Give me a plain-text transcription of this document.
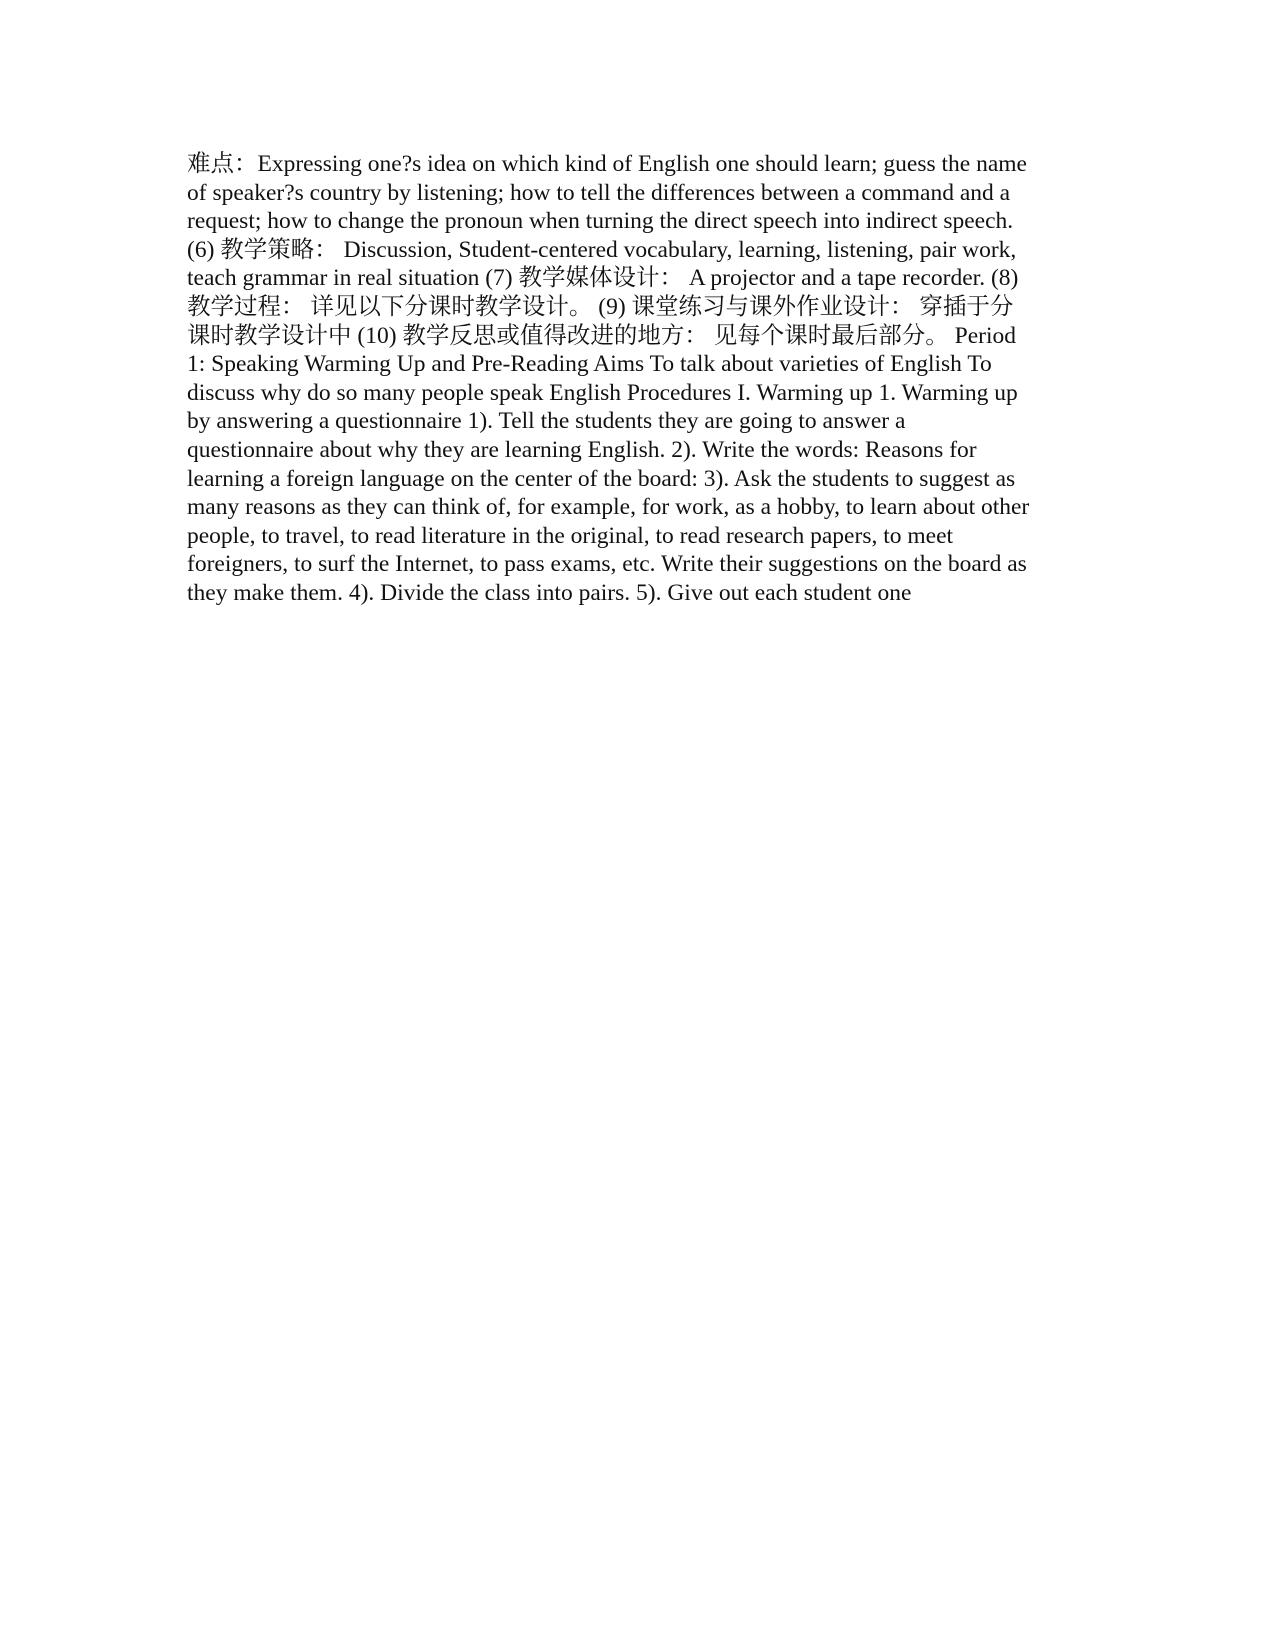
难点：Expressing one?s idea on which kind of English one should learn; guess the name
of speaker?s country by listening; how to tell the differences between a command and a
request; how to change the pronoun when turning the direct speech into indirect speech.
(6) 教学策略： Discussion, Student-centered vocabulary, learning, listening, pair work,
teach grammar in real situation (7) 教学媒体设计： A projector and a tape recorder. (8)
教学过程： 详见以下分课时教学设计。 (9) 课堂练习与课外作业设计： 穿插于分
课时教学设计中 (10) 教学反思或值得改进的地方： 见每个课时最后部分。 Period
1: Speaking Warming Up and Pre-Reading Aims To talk about varieties of English To
discuss why do so many people speak English Procedures I. Warming up 1. Warming up
by answering a questionnaire 1). Tell the students they are going to answer a
questionnaire about why they are learning English. 2). Write the words: Reasons for
learning a foreign language on the center of the board: 3). Ask the students to suggest as
many reasons as they can think of, for example, for work, as a hobby, to learn about other
people, to travel, to read literature in the original, to read research papers, to meet
foreigners, to surf the Internet, to pass exams, etc. Write their suggestions on the board as
they make them. 4). Divide the class into pairs. 5). Give out each student one
